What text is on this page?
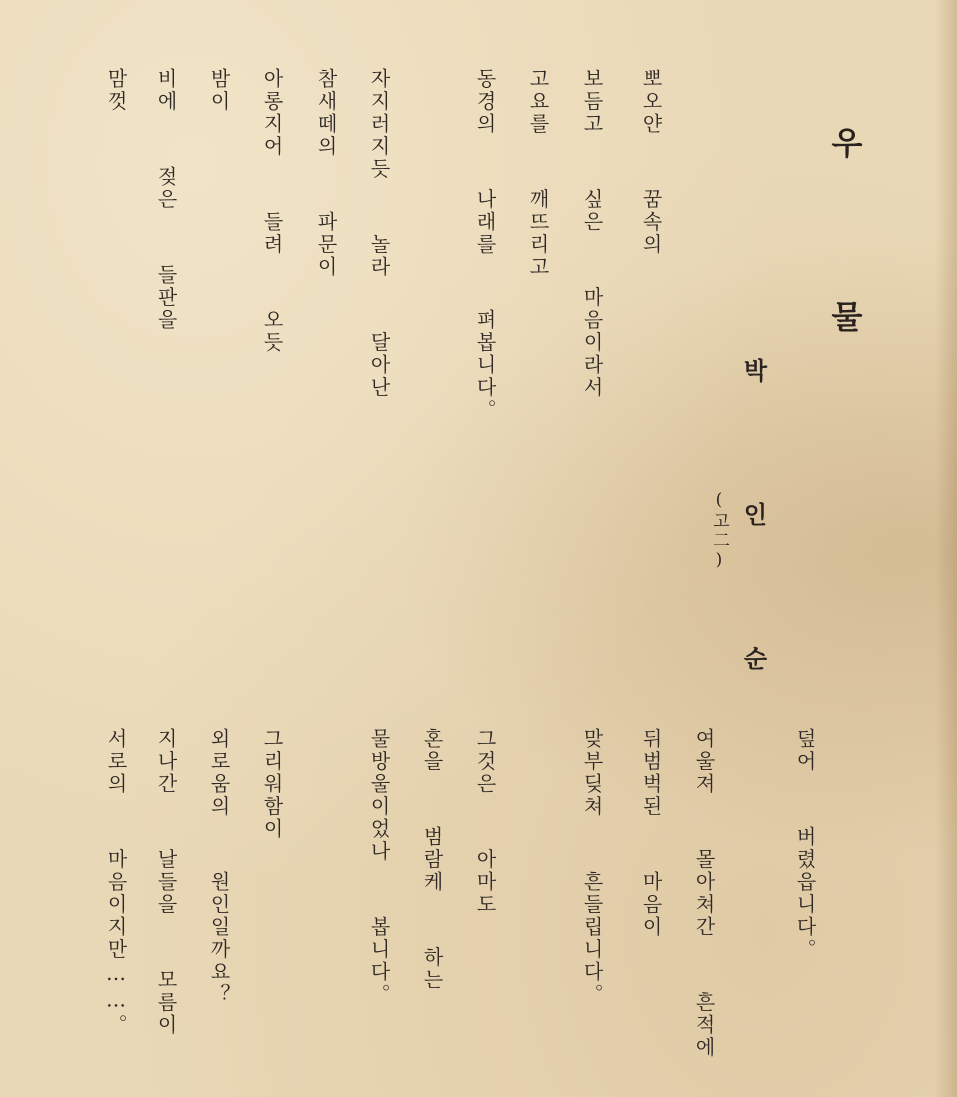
우 물
박 인 순
(고二)
뽀오얀  꿈속의
보듬고  싶은  마음이라서
고요를  깨뜨리고
동경의  나래를  펴봅니다。
자지러지듯  놀라  달아난
참새떼의  파문이
아롱지어  들려  오듯
밤이
비에  젖은  들판을
맘껏
덮어  버렸읍니다。
여울져  몰아쳐간  흔적에
뒤범벅된  마음이
맞부딪쳐  흔들립니다。
그것은  아마도
혼을  범람케  하는
물방울이었나  봅니다。
그리워함이
외로움의  원인일까요？
지나간  날들을  모름이
서로의  마음이지만……。
